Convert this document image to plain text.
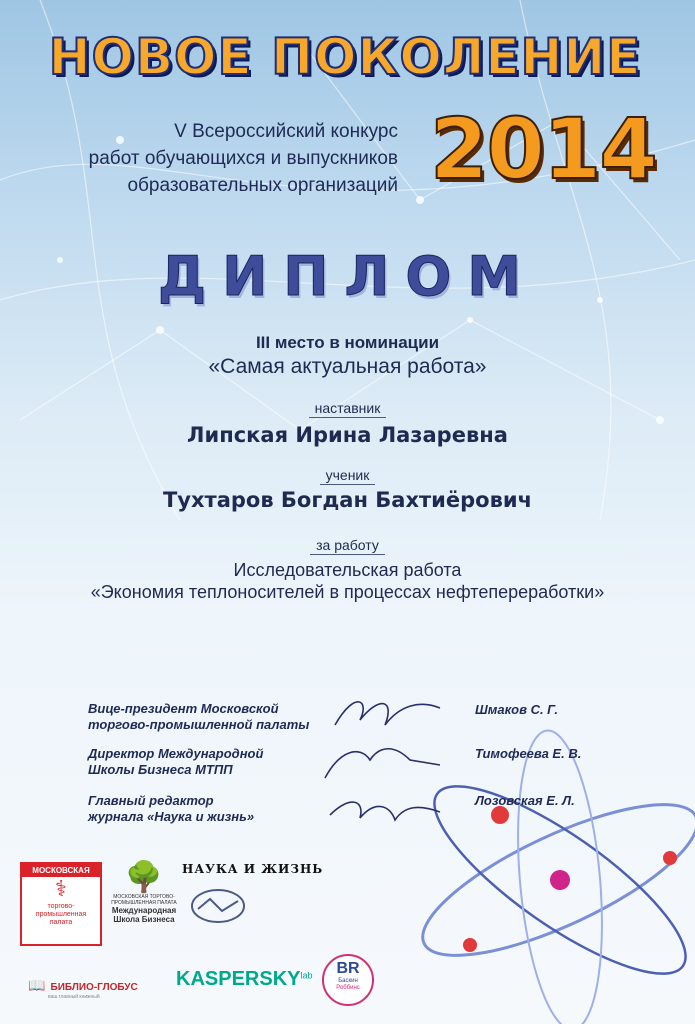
НОВОЕ ПОКОЛЕНИЕ
2014
V Всероссийский конкурс
работ обучающихся и выпускников
образовательных организаций
ДИПЛОМ
III место в номинации
«Самая актуальная работа»
наставник
Липская Ирина Лазаревна
ученик
Тухтаров Богдан Бахтиёрович
за работу
Исследовательская работа
«Экономия теплоносителей в процессах нефтепереработки»
Вице-президент Московской
торгово-промышленной палаты
Шмаков С. Г.
Директор Международной
Школы Бизнеса МТПП
Тимофеева Е. В.
Главный редактор
журнала «Наука и жизнь»
Лозовская Е. Л.
МОСКОВСКАЯ
⚕
торгово-
промышленная
палата
🌳
МОСКОВСКАЯ ТОРГОВО-
ПРОМЫШЛЕННАЯ ПАЛАТА
Международная
Школа Бизнеса
НАУКА И ЖИЗНЬ
📖 БИБЛИО-ГЛОБУС
ваш главный книжный
$KASPERSKY^{lab}$	BR
Баскин
Роббинс
